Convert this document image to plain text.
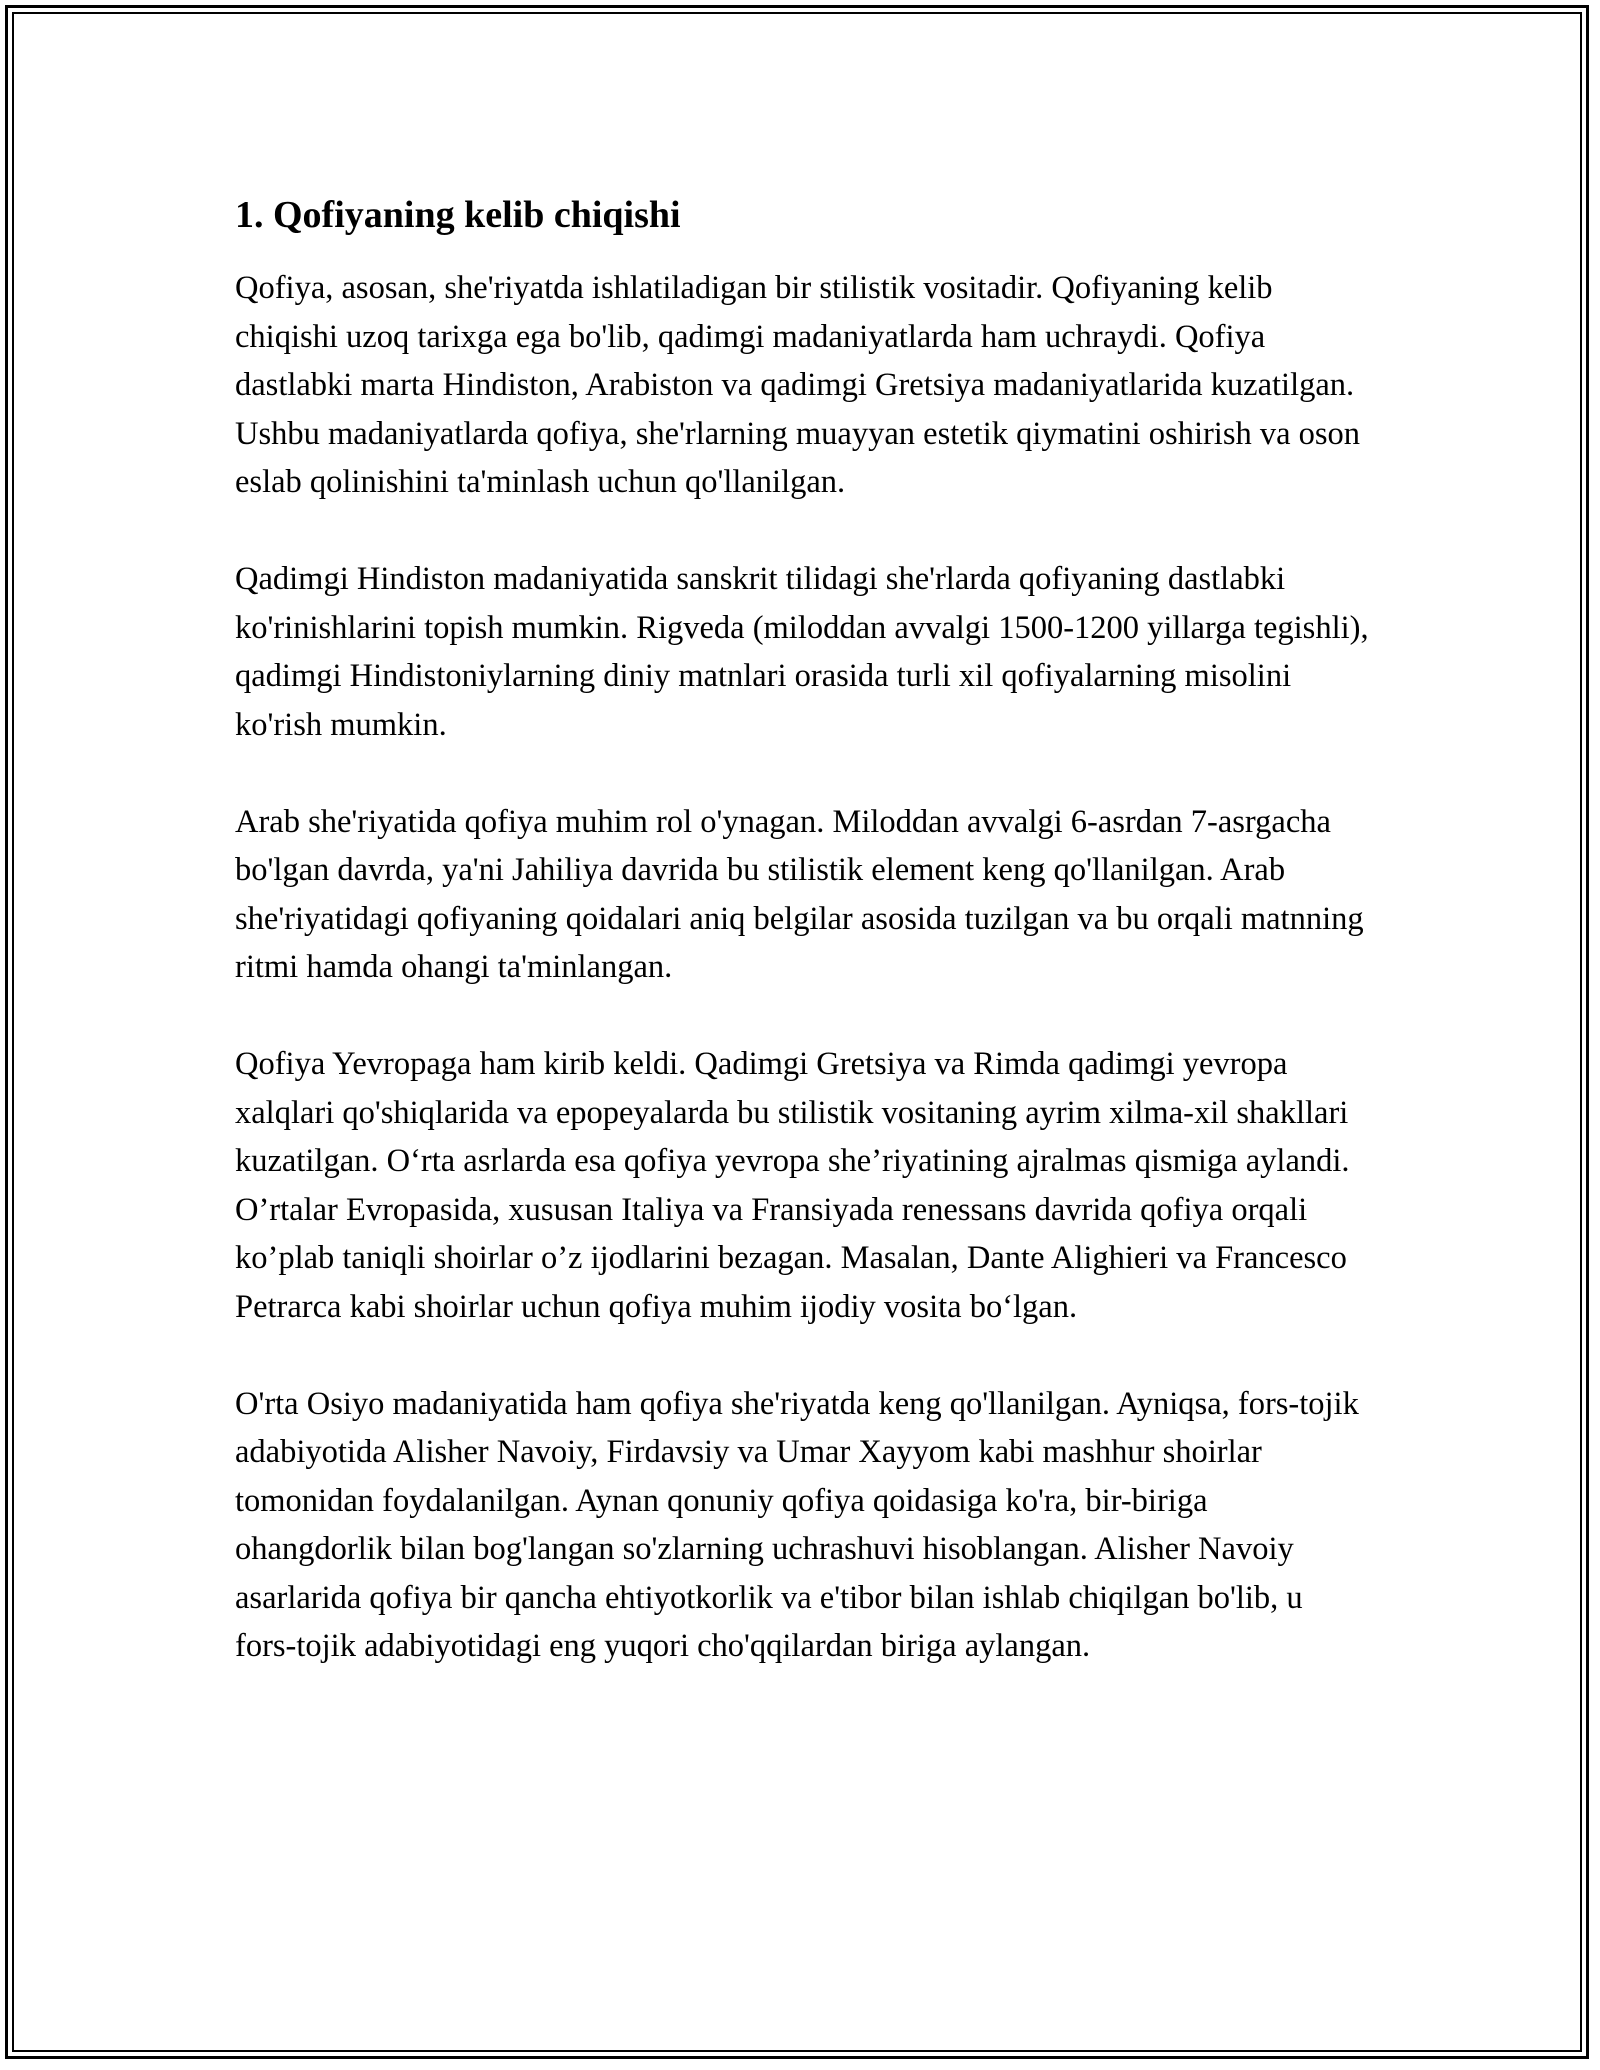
1. Qofiyaning kelib chiqishi

Qofiya, asosan, she'riyatda ishlatiladigan bir stilistik vositadir. Qofiyaning kelib chiqishi uzoq tarixga ega bo'lib, qadimgi madaniyatlarda ham uchraydi. Qofiya dastlabki marta Hindiston, Arabiston va qadimgi Gretsiya madaniyatlarida kuzatilgan. Ushbu madaniyatlarda qofiya, she'rlarning muayyan estetik qiymatini oshirish va oson eslab qolinishini ta'minlash uchun qo'llanilgan.

Qadimgi Hindiston madaniyatida sanskrit tilidagi she'rlarda qofiyaning dastlabki ko'rinishlarini topish mumkin. Rigveda (miloddan avvalgi 1500-1200 yillarga tegishli), qadimgi Hindistoniylarning diniy matnlari orasida turli xil qofiyalarning misolini ko'rish mumkin.

Arab she'riyatida qofiya muhim rol o'ynagan. Miloddan avvalgi 6-asrdan 7-asrgacha bo'lgan davrda, ya'ni Jahiliya davrida bu stilistik element keng qo'llanilgan. Arab she'riyatidagi qofiyaning qoidalari aniq belgilar asosida tuzilgan va bu orqali matnning ritmi hamda ohangi ta'minlangan.

Qofiya Yevropaga ham kirib keldi. Qadimgi Gretsiya va Rimda qadimgi yevropa xalqlari qo'shiqlarida va epopeyalarda bu stilistik vositaning ayrim xilma-xil shakllari kuzatilgan. O‘rta asrlarda esa qofiya yevropa she’riyatining ajralmas qismiga aylandi. O’rtalar Evropasida, xususan Italiya va Fransiyada renessans davrida qofiya orqali ko’plab taniqli shoirlar o’z ijodlarini bezagan. Masalan, Dante Alighieri va Francesco Petrarca kabi shoirlar uchun qofiya muhim ijodiy vosita bo‘lgan.

O'rta Osiyo madaniyatida ham qofiya she'riyatda keng qo'llanilgan. Ayniqsa, fors-tojik adabiyotida Alisher Navoiy, Firdavsiy va Umar Xayyom kabi mashhur shoirlar tomonidan foydalanilgan. Aynan qonuniy qofiya qoidasiga ko'ra, bir-biriga ohangdorlik bilan bog'langan so'zlarning uchrashuvi hisoblangan. Alisher Navoiy asarlarida qofiya bir qancha ehtiyotkorlik va e'tibor bilan ishlab chiqilgan bo'lib, u fors-tojik adabiyotidagi eng yuqori cho'qqilardan biriga aylangan.
